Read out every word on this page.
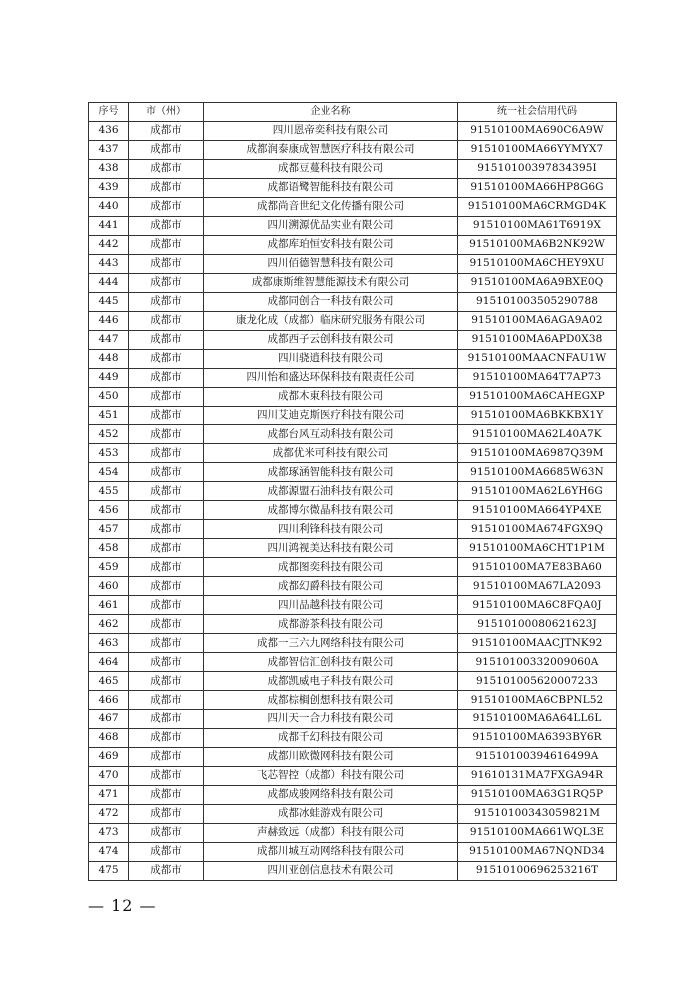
序号	市（州）	企业名称	统一社会信用代码
436	成都市	四川恩帝奕科技有限公司	91510100MA690C6A9W
437	成都市	成都润泰康成智慧医疗科技有限公司	91510100MA66YYMYX7
438	成都市	成都豆蔓科技有限公司	91510100397834395I
439	成都市	成都语鹭智能科技有限公司	91510100MA66HP8G6G
440	成都市	成都尚音世纪文化传播有限公司	91510100MA6CRMGD4K
441	成都市	四川溯源优品实业有限公司	91510100MA61T6919X
442	成都市	成都库珀恒安科技有限公司	91510100MA6B2NK92W
443	成都市	四川佰德智慧科技有限公司	91510100MA6CHEY9XU
444	成都市	成都康斯维智慧能源技术有限公司	91510100MA6A9BXE0Q
445	成都市	成都同创合一科技有限公司	915101003505290788
446	成都市	康龙化成（成都）临床研究服务有限公司	91510100MA6AGA9A02
447	成都市	成都西子云创科技有限公司	91510100MA6APD0X38
448	成都市	四川骁逍科技有限公司	91510100MAACNFAU1W
449	成都市	四川怡和盛达环保科技有限责任公司	91510100MA64T7AP73
450	成都市	成都木東科技有限公司	91510100MA6CAHEGXP
451	成都市	四川艾迪克斯医疗科技有限公司	91510100MA6BKKBX1Y
452	成都市	成都台风互动科技有限公司	91510100MA62L40A7K
453	成都市	成都优米可科技有限公司	91510100MA6987Q39M
454	成都市	成都琢涵智能科技有限公司	91510100MA6685W63N
455	成都市	成都源盟石油科技有限公司	91510100MA62L6YH6G
456	成都市	成都博尔微晶科技有限公司	91510100MA664YP4XE
457	成都市	四川利锋科技有限公司	91510100MA674FGX9Q
458	成都市	四川鸿视美达科技有限公司	91510100MA6CHT1P1M
459	成都市	成都图奕科技有限公司	91510100MA7E83BA60
460	成都市	成都幻爵科技有限公司	91510100MA67LA2093
461	成都市	四川品越科技有限公司	91510100MA6C8FQA0J
462	成都市	成都游茶科技有限公司	91510100080621623J
463	成都市	成都一三六九网络科技有限公司	91510100MAACJTNK92
464	成都市	成都智信汇创科技有限公司	91510100332009060A
465	成都市	成都凯威电子科技有限公司	915101005620007233
466	成都市	成都棕榈创想科技有限公司	91510100MA6CBPNL52
467	成都市	四川天一合力科技有限公司	91510100MA6A64LL6L
468	成都市	成都千幻科技有限公司	91510100MA6393BY6R
469	成都市	成都川欧微网科技有限公司	91510100394616499A
470	成都市	飞芯智控（成都）科技有限公司	91610131MA7FXGA94R
471	成都市	成都成骏网络科技有限公司	91510100MA63G1RQ5P
472	成都市	成都冰蛙游戏有限公司	91510100343059821M
473	成都市	声赫致远（成都）科技有限公司	91510100MA661WQL3E
474	成都市	成都川城互动网络科技有限公司	91510100MA67NQND34
475	成都市	四川亚创信息技术有限公司	91510100696253216T
— 12 —
